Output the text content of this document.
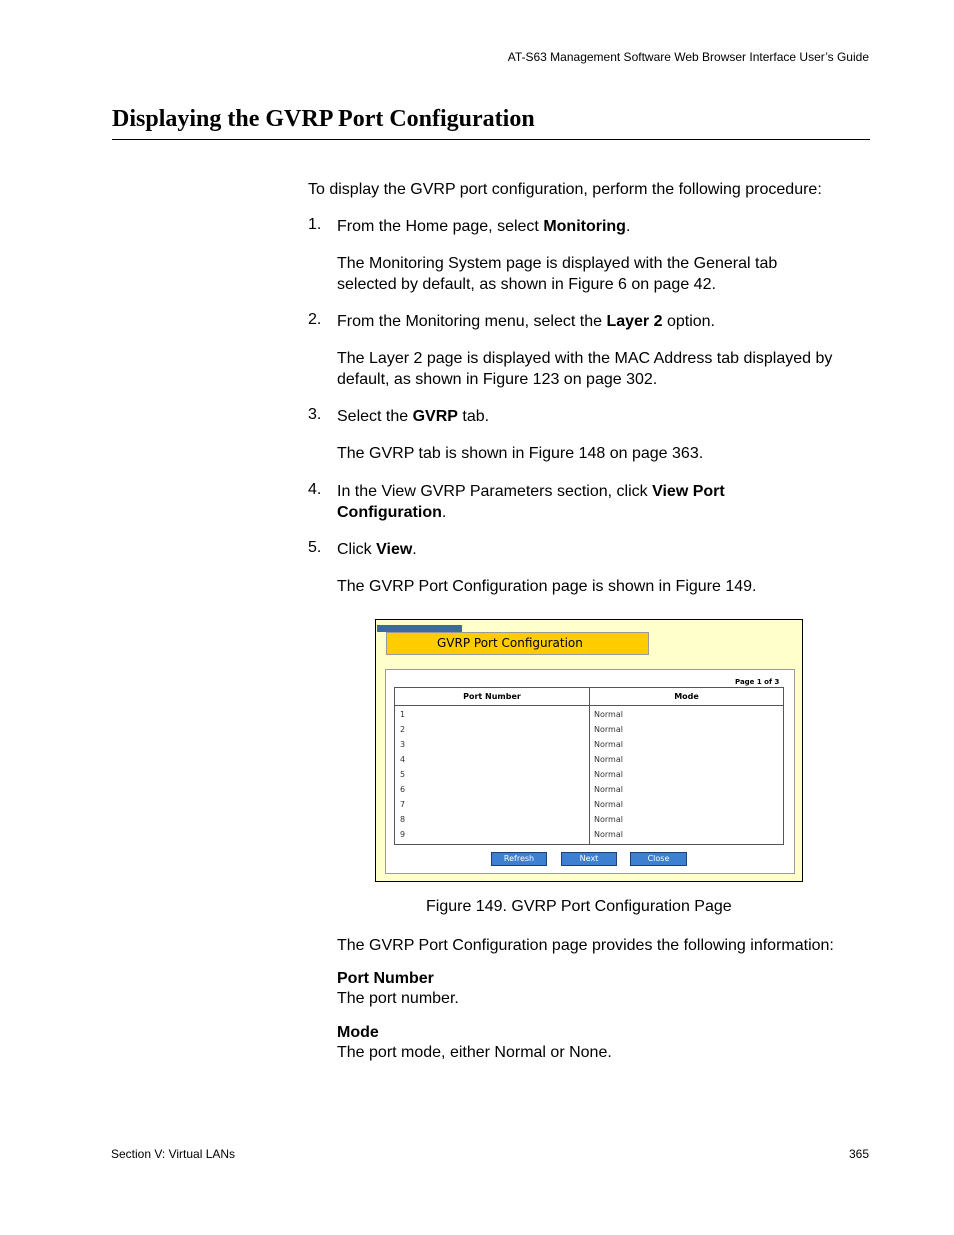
AT-S63 Management Software Web Browser Interface User’s Guide
Displaying the GVRP Port Configuration
To display the GVRP port configuration, perform the following procedure:
1. From the Home page, select Monitoring.
The Monitoring System page is displayed with the General tab selected by default, as shown in Figure 6 on page 42.
2. From the Monitoring menu, select the Layer 2 option.
The Layer 2 page is displayed with the MAC Address tab displayed by default, as shown in Figure 123 on page 302.
3. Select the GVRP tab.
The GVRP tab is shown in Figure 148 on page 363.
4. In the View GVRP Parameters section, click View Port
Configuration.
5. Click View.
The GVRP Port Configuration page is shown in Figure 149.
GVRP Port Configuration
Page 1 of 3
Port Number	Mode
1	Normal
2	Normal
3	Normal
4	Normal
5	Normal
6	Normal
7	Normal
8	Normal
9	Normal
Refresh	Next	Close
Figure 149. GVRP Port Configuration Page
The GVRP Port Configuration page provides the following information:
Port Number
The port number.
Mode
The port mode, either Normal or None.
Section V: Virtual LANs	365
